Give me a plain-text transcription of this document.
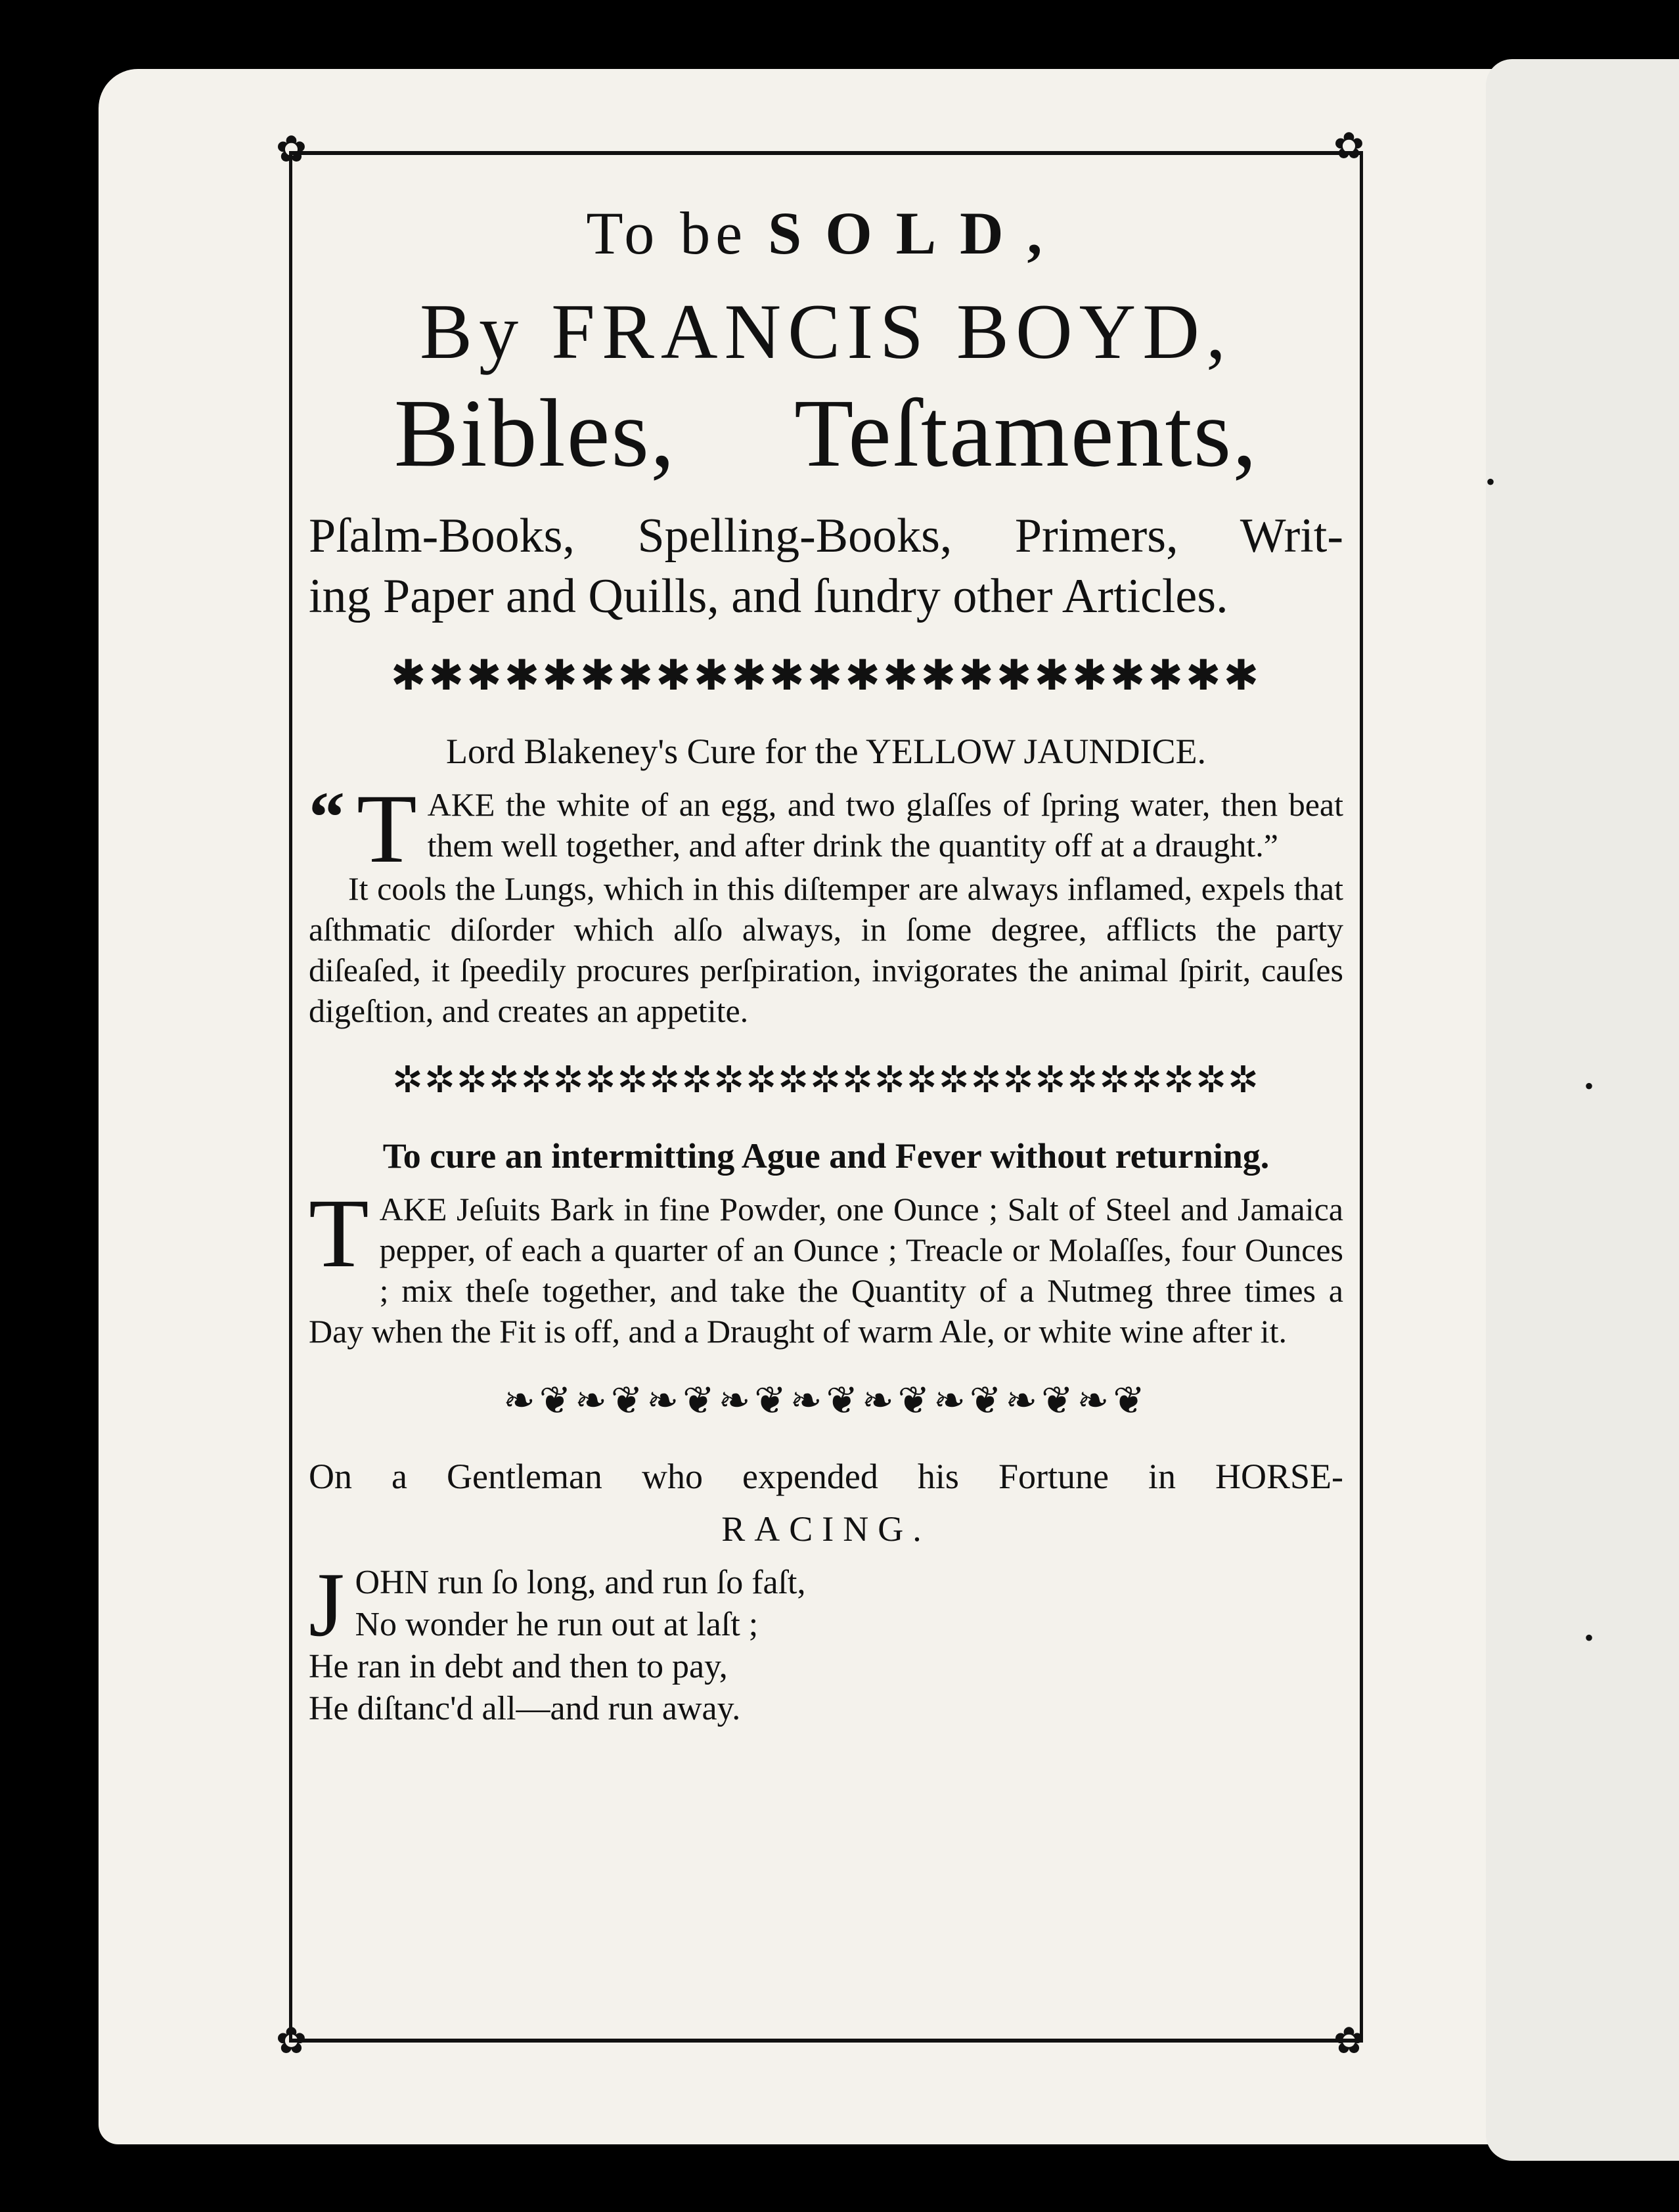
•
•
•
✿	✿
✿	✿
To be SOLD,
By FRANCIS BOYD,
Bibles, Teſtaments,
Pſalm-Books, Spelling-Books, Primers, Writ-
ing Paper and Quills, and ſundry other Articles.
✱✱✱✱✱✱✱✱✱✱✱✱✱✱✱✱✱✱✱✱✱✱✱
Lord Blakeney's Cure for the YELLOW JAUNDICE.
“ T AKE the white of an egg, and two glaſſes of ſpring water, then beat them well together, and after drink the quantity off at a draught.”

It cools the Lungs, which in this diſtemper are always inflamed, expels that aſthmatic diſorder which alſo always, in ſome degree, afflicts the party diſeaſed, it ſpeedily procures perſpiration, invigorates the animal ſpirit, cauſes digeſtion, and creates an appetite.

✲✲✲✲✲✲✲✲✲✲✲✲✲✲✲✲✲✲✲✲✲✲✲✲✲✲✲
To cure an intermitting Ague and Fever without returning.
T AKE Jeſuits Bark in fine Powder, one Ounce ; Salt of Steel and Jamaica pepper, of each a quarter of an Ounce ; Treacle or Molaſſes, four Ounces ; mix theſe together, and take the Quantity of a Nutmeg three times a Day when the Fit is off, and a Draught of warm Ale, or white wine after it.

❧❦❧❦❧❦❧❦❧❦❧❦❧❦❧❦❧❦
On a Gentleman who expended his Fortune in HORSE-
RACING.
J OHN run ſo long, and run ſo faſt,
No wonder he run out at laſt ;
He ran in debt and then to pay,
He diſtanc'd all—and run away.
